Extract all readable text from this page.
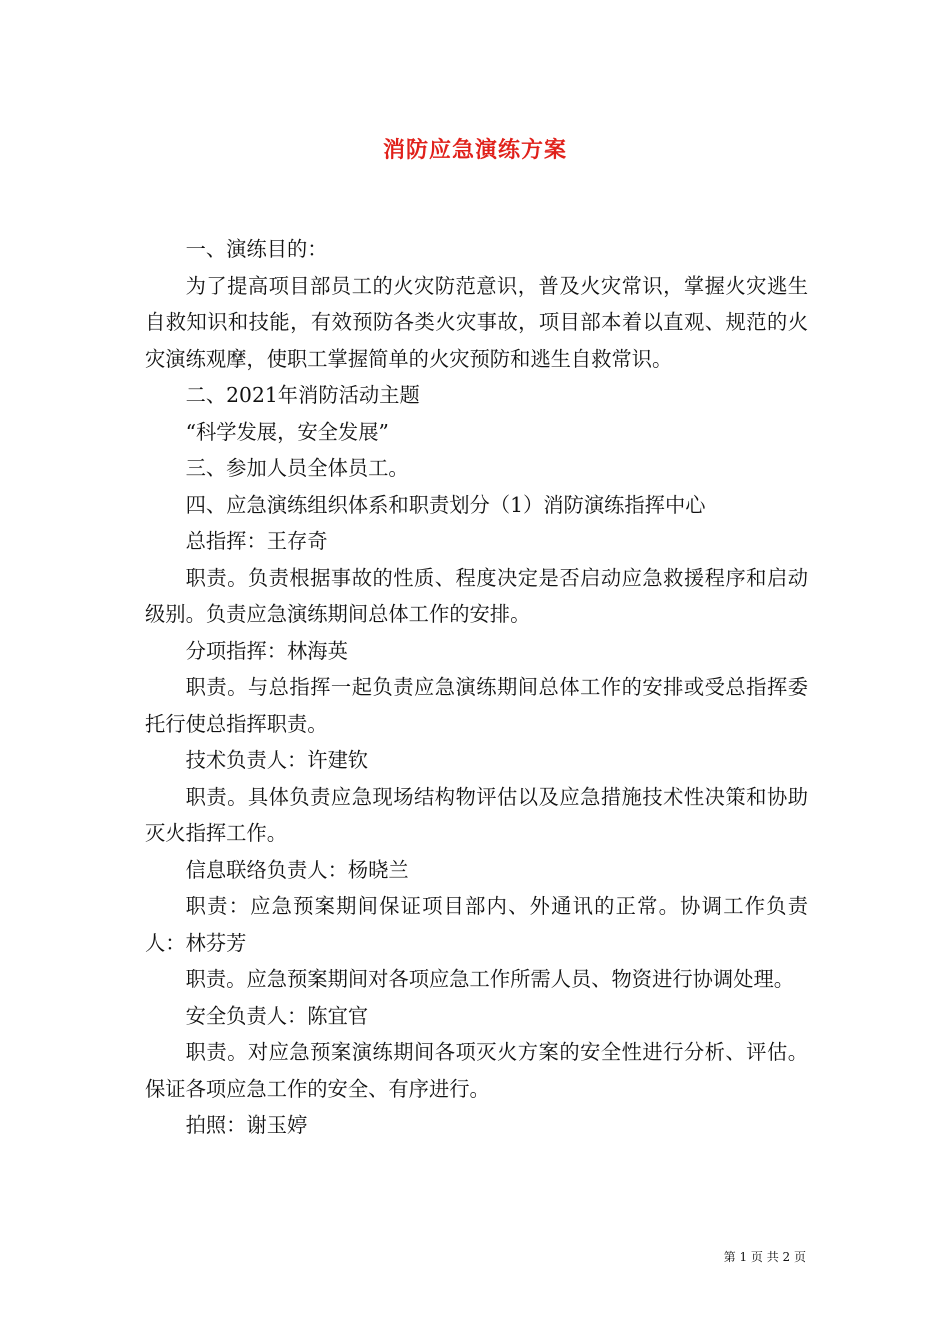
消防应急演练方案

一、演练目的：

为了提高项目部员工的火灾防范意识，普及火灾常识，掌握火灾逃生自救知识和技能，有效预防各类火灾事故，项目部本着以直观、规范的火灾演练观摩，使职工掌握简单的火灾预防和逃生自救常识。

二、2021年消防活动主题

“科学发展，安全发展”

三、参加人员全体员工。

四、应急演练组织体系和职责划分（1）消防演练指挥中心

总指挥：王存奇

职责。负责根据事故的性质、程度决定是否启动应急救援程序和启动级别。负责应急演练期间总体工作的安排。

分项指挥：林海英

职责。与总指挥一起负责应急演练期间总体工作的安排或受总指挥委托行使总指挥职责。

技术负责人：许建钦

职责。具体负责应急现场结构物评估以及应急措施技术性决策和协助灭火指挥工作。

信息联络负责人：杨晓兰

职责：应急预案期间保证项目部内、外通讯的正常。协调工作负责人：林芬芳

职责。应急预案期间对各项应急工作所需人员、物资进行协调处理。

安全负责人：陈宜官

职责。对应急预案演练期间各项灭火方案的安全性进行分析、评估。保证各项应急工作的安全、有序进行。

拍照：谢玉婷

第 1 页 共 2 页
